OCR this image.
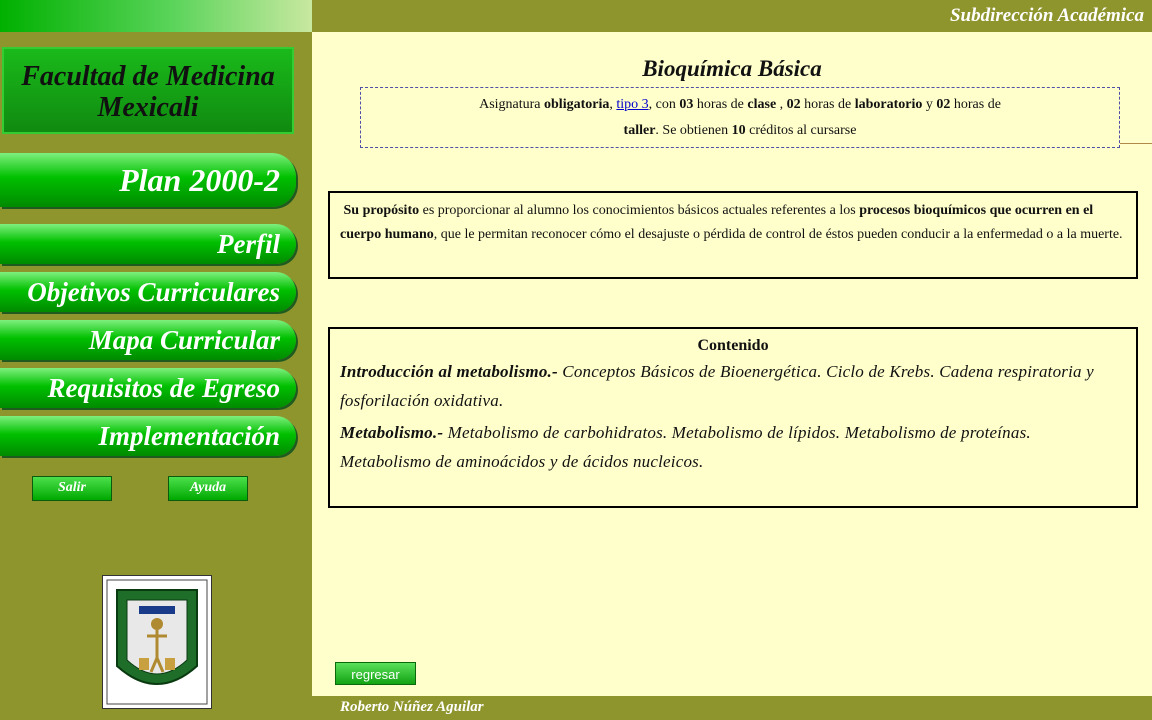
Subdirección Académica
Facultad de Medicina
Mexicali
Plan 2000-2
Perfil
Objetivos Curriculares
Mapa Curricular
Requisitos de Egreso
Implementación
Salir	Ayuda
Bioquímica Básica
Asignatura obligatoria, tipo 3, con 03 horas de clase , 02 horas de laboratorio y 02 horas de
taller. Se obtienen 10 créditos al cursarse
Su propósito es proporcionar al alumno los conocimientos básicos actuales referentes a los procesos bioquímicos que ocurren en el cuerpo humano, que le permitan reconocer cómo el desajuste o pérdida de control de éstos pueden conducir a la enfermedad o a la muerte.
Contenido
Introducción al metabolismo.- Conceptos Básicos de Bioenergética. Ciclo de Krebs. Cadena respiratoria y fosforilación oxidativa.
Metabolismo.- Metabolismo de carbohidratos. Metabolismo de lípidos. Metabolismo de proteínas. Metabolismo de aminoácidos y de ácidos nucleicos.
regresar
Roberto Núñez Aguilar
